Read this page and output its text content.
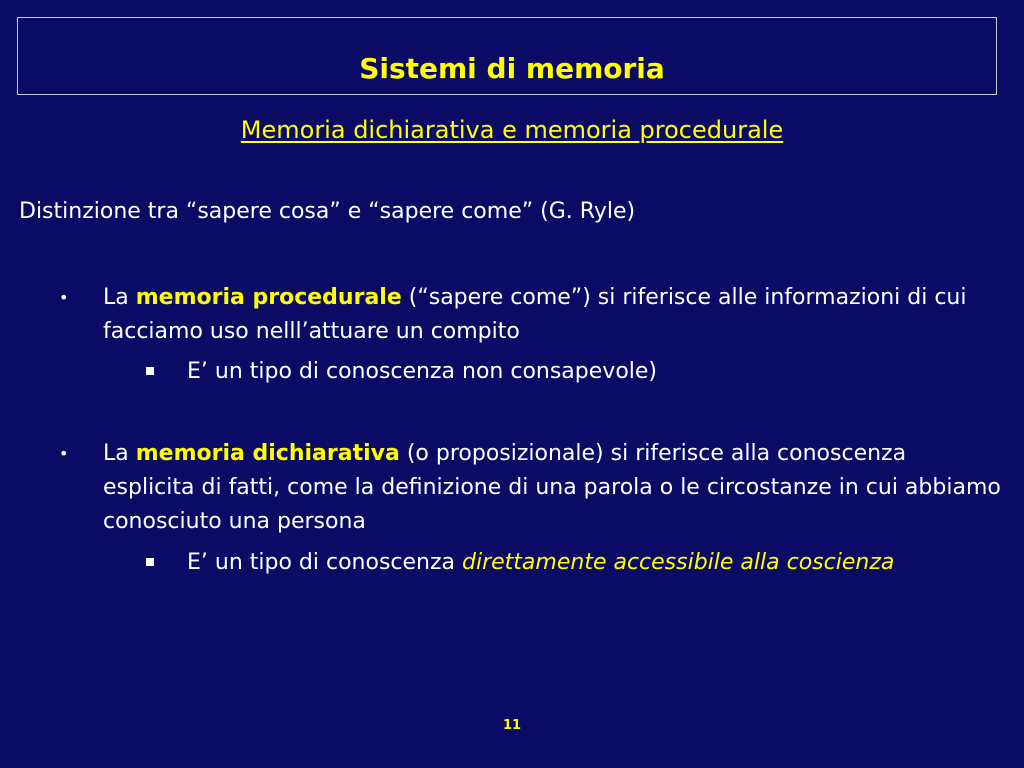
Sistemi di memoria
Memoria dichiarativa e memoria procedurale
Distinzione tra “sapere cosa” e “sapere come” (G. Ryle)
• La memoria procedurale (“sapere come”) si riferisce alle informazioni di cui facciamo uso nelll’attuare un compito
E’ un tipo di conoscenza non consapevole)
• La memoria dichiarativa (o proposizionale) si riferisce alla conoscenza esplicita di fatti, come la definizione di una parola o le circostanze in cui abbiamo conosciuto una persona
E’ un tipo di conoscenza direttamente accessibile alla coscienza
11
